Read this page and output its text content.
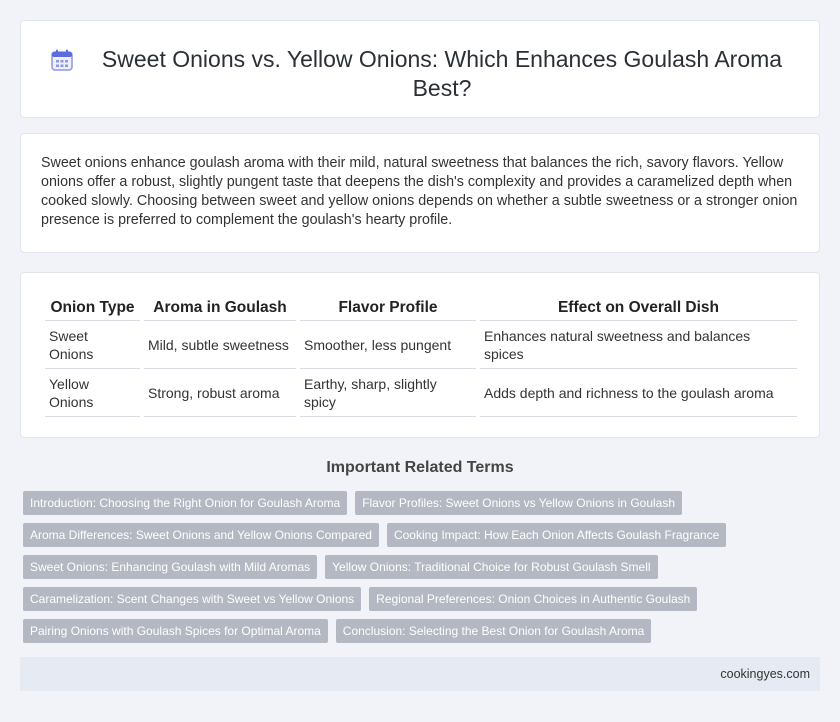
Sweet Onions vs. Yellow Onions: Which Enhances Goulash Aroma Best?

Sweet onions enhance goulash aroma with their mild, natural sweetness that balances the rich, savory flavors. Yellow onions offer a robust, slightly pungent taste that deepens the dish's complexity and provides a caramelized depth when cooked slowly. Choosing between sweet and yellow onions depends on whether a subtle sweetness or a stronger onion presence is preferred to complement the goulash's hearty profile.

Onion Type	Aroma in Goulash	Flavor Profile	Effect on Overall Dish
Sweet Onions	Mild, subtle sweetness	Smoother, less pungent	Enhances natural sweetness and balances spices
Yellow Onions	Strong, robust aroma	Earthy, sharp, slightly spicy	Adds depth and richness to the goulash aroma
Important Related Terms
Introduction: Choosing the Right Onion for Goulash Aroma	Flavor Profiles: Sweet Onions vs Yellow Onions in Goulash
Aroma Differences: Sweet Onions and Yellow Onions Compared	Cooking Impact: How Each Onion Affects Goulash Fragrance
Sweet Onions: Enhancing Goulash with Mild Aromas	Yellow Onions: Traditional Choice for Robust Goulash Smell
Caramelization: Scent Changes with Sweet vs Yellow Onions	Regional Preferences: Onion Choices in Authentic Goulash
Pairing Onions with Goulash Spices for Optimal Aroma	Conclusion: Selecting the Best Onion for Goulash Aroma
cookingyes.com
